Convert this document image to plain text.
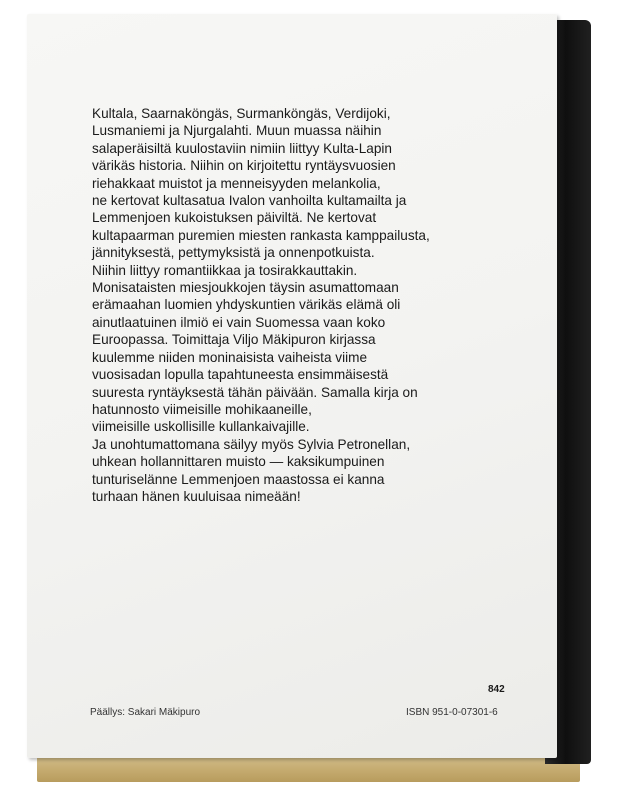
Kultala, Saarnaköngäs, Surmanköngäs, Verdijoki,
Lusmaniemi ja Njurgalahti. Muun muassa näihin
salaperäisiltä kuulostaviin nimiin liittyy Kulta-Lapin
värikäs historia. Niihin on kirjoitettu ryntäysvuosien
riehakkaat muistot ja menneisyyden melankolia,
ne kertovat kultasatua Ivalon vanhoilta kultamailta ja
Lemmenjoen kukoistuksen päiviltä. Ne kertovat
kultapaarman puremien miesten rankasta kamppailusta,
jännityksestä, pettymyksistä ja onnenpotkuista.
Niihin liittyy romantiikkaa ja tosirakkauttakin.
Monisataisten miesjoukkojen täysin asumattomaan
erämaahan luomien yhdyskuntien värikäs elämä oli
ainutlaatuinen ilmiö ei vain Suomessa vaan koko
Euroopassa. Toimittaja Viljo Mäkipuron kirjassa
kuulemme niiden moninaisista vaiheista viime
vuosisadan lopulla tapahtuneesta ensimmäisestä
suuresta ryntäyksestä tähän päivään. Samalla kirja on
hatunnosto viimeisille mohikaaneille,
viimeisille uskollisille kullankaivajille.
Ja unohtumattomana säilyy myös Sylvia Petronellan,
uhkean hollannittaren muisto — kaksikumpuinen
tunturiselänne Lemmenjoen maastossa ei kanna
turhaan hänen kuuluisaa nimeään!

842
Päällys: Sakari Mäkipuro	ISBN 951-0-07301-6
